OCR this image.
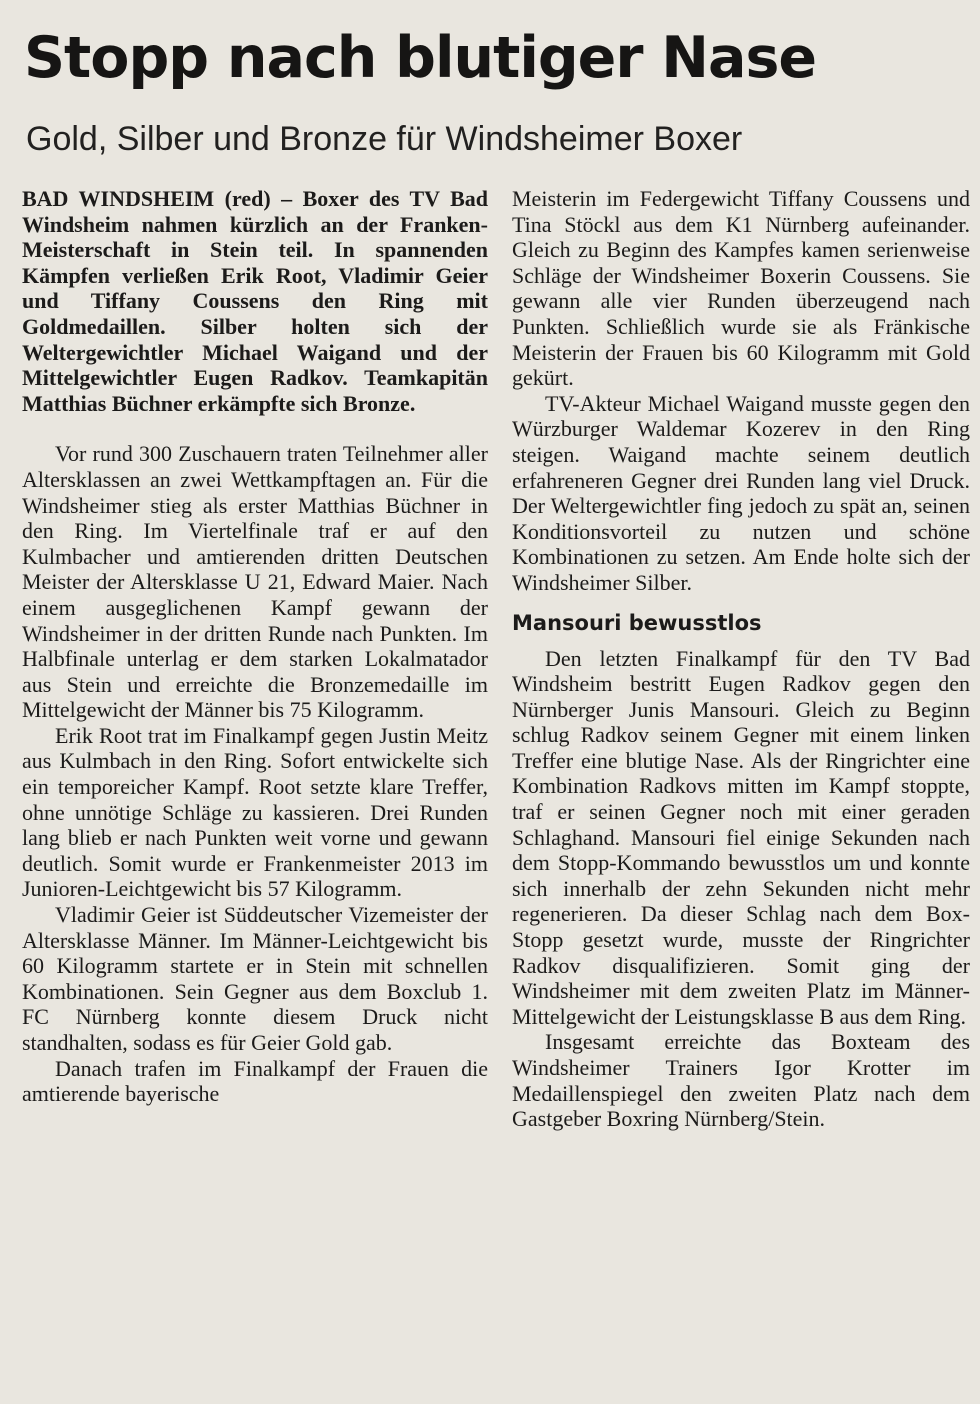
Stopp nach blutiger Nase
Gold, Silber und Bronze für Windsheimer Boxer

BAD WINDSHEIM (red) – Boxer des TV Bad Windsheim nahmen kürzlich an der Franken-Meisterschaft in Stein teil. In spannenden Kämpfen verließen Erik Root, Vladimir Geier und Tiffany Coussens den Ring mit Goldmedaillen. Silber holten sich der Weltergewichtler Michael Waigand und der Mittelgewichtler Eugen Radkov. Teamkapitän Matthias Büchner erkämpfte sich Bronze.

Vor rund 300 Zuschauern traten Teilnehmer aller Altersklassen an zwei Wettkampftagen an. Für die Windsheimer stieg als erster Matthias Büchner in den Ring. Im Viertelfinale traf er auf den Kulmbacher und amtierenden dritten Deutschen Meister der Altersklasse U 21, Edward Maier. Nach einem ausgeglichenen Kampf gewann der Windsheimer in der dritten Runde nach Punkten. Im Halbfinale unterlag er dem starken Lokalmatador aus Stein und erreichte die Bronzemedaille im Mittelgewicht der Männer bis 75 Kilogramm.

Erik Root trat im Finalkampf gegen Justin Meitz aus Kulmbach in den Ring. Sofort entwickelte sich ein temporeicher Kampf. Root setzte klare Treffer, ohne unnötige Schläge zu kassieren. Drei Runden lang blieb er nach Punkten weit vorne und gewann deutlich. Somit wurde er Frankenmeister 2013 im Junioren-Leichtgewicht bis 57 Kilogramm.

Vladimir Geier ist Süddeutscher Vizemeister der Altersklasse Männer. Im Männer-Leichtgewicht bis 60 Kilogramm startete er in Stein mit schnellen Kombinationen. Sein Gegner aus dem Boxclub 1. FC Nürnberg konnte diesem Druck nicht standhalten, sodass es für Geier Gold gab.

Danach trafen im Finalkampf der Frauen die amtierende bayerische

Meisterin im Federgewicht Tiffany Coussens und Tina Stöckl aus dem K1 Nürnberg aufeinander. Gleich zu Beginn des Kampfes kamen serienweise Schläge der Windsheimer Boxerin Coussens. Sie gewann alle vier Runden überzeugend nach Punkten. Schließlich wurde sie als Fränkische Meisterin der Frauen bis 60 Kilogramm mit Gold gekürt.

TV-Akteur Michael Waigand musste gegen den Würzburger Waldemar Kozerev in den Ring steigen. Waigand machte seinem deutlich erfahreneren Gegner drei Runden lang viel Druck. Der Weltergewichtler fing jedoch zu spät an, seinen Konditionsvorteil zu nutzen und schöne Kombinationen zu setzen. Am Ende holte sich der Windsheimer Silber.

Mansouri bewusstlos

Den letzten Finalkampf für den TV Bad Windsheim bestritt Eugen Radkov gegen den Nürnberger Junis Mansouri. Gleich zu Beginn schlug Radkov seinem Gegner mit einem linken Treffer eine blutige Nase. Als der Ringrichter eine Kombination Radkovs mitten im Kampf stoppte, traf er seinen Gegner noch mit einer geraden Schlaghand. Mansouri fiel einige Sekunden nach dem Stopp-Kommando bewusstlos um und konnte sich innerhalb der zehn Sekunden nicht mehr regenerieren. Da dieser Schlag nach dem Box-Stopp gesetzt wurde, musste der Ringrichter Radkov disqualifizieren. Somit ging der Windsheimer mit dem zweiten Platz im Männer-Mittelgewicht der Leistungsklasse B aus dem Ring.

Insgesamt erreichte das Boxteam des Windsheimer Trainers Igor Krotter im Medaillenspiegel den zweiten Platz nach dem Gastgeber Boxring Nürnberg/Stein.
